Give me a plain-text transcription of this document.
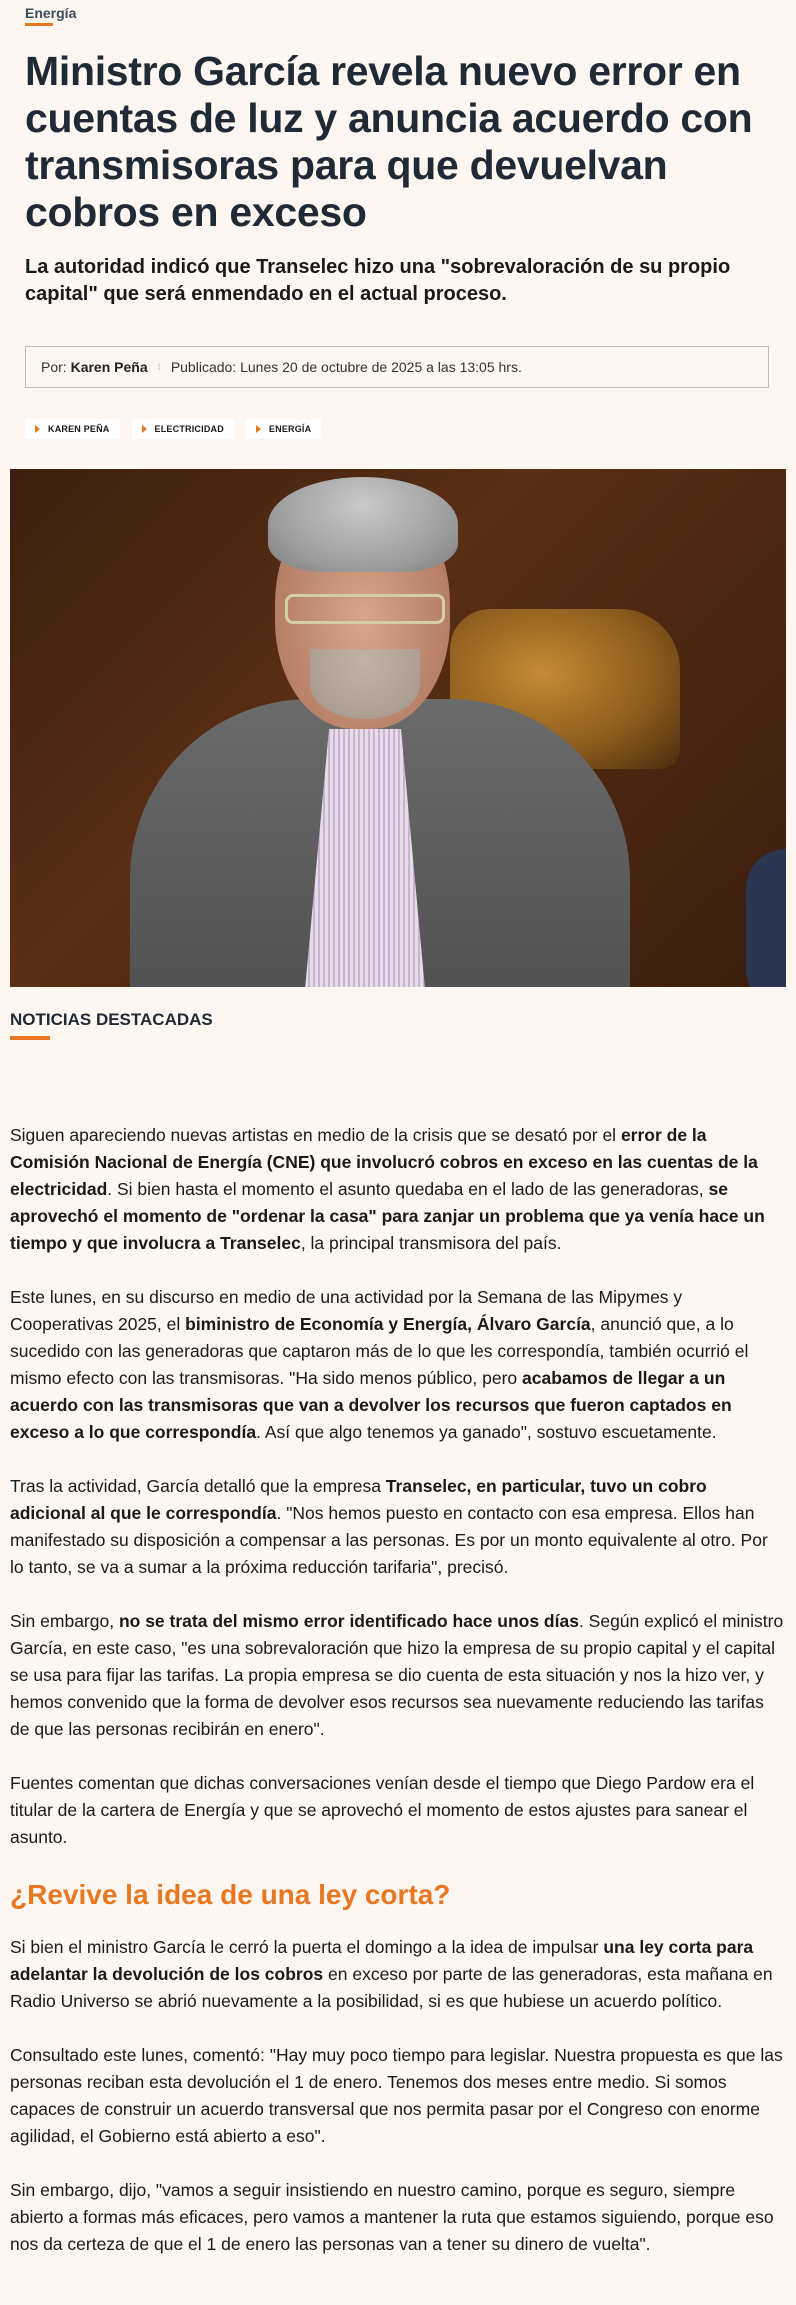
Energía
Ministro García revela nuevo error en cuentas de luz y anuncia acuerdo con transmisoras para que devuelvan cobros en exceso

La autoridad indicó que Transelec hizo una "sobrevaloración de su propio capital" que será enmendado en el actual proceso.

Por:
Karen Peña ⁝ Publicado: Lunes 20 de octubre de 2025 a las 13:05 hrs.
KAREN PEÑA	ELECTRICIDAD	ENERGÍA
NOTICIAS DESTACADAS

Siguen apareciendo nuevas artistas en medio de la crisis que se desató por el error de la Comisión Nacional de Energía (CNE) que involucró cobros en exceso en las cuentas de la electricidad. Si bien hasta el momento el asunto quedaba en el lado de las generadoras, se aprovechó el momento de "ordenar la casa" para zanjar un problema que ya venía hace un tiempo y que involucra a Transelec, la principal transmisora del país.

Este lunes, en su discurso en medio de una actividad por la Semana de las Mipymes y Cooperativas 2025, el biministro de Economía y Energía, Álvaro García, anunció que, a lo sucedido con las generadoras que captaron más de lo que les correspondía, también ocurrió el mismo efecto con las transmisoras. "Ha sido menos público, pero acabamos de llegar a un acuerdo con las transmisoras que van a devolver los recursos que fueron captados en exceso a lo que correspondía. Así que algo tenemos ya ganado", sostuvo escuetamente.

Tras la actividad, García detalló que la empresa Transelec, en particular, tuvo un cobro adicional al que le correspondía. "Nos hemos puesto en contacto con esa empresa. Ellos han manifestado su disposición a compensar a las personas. Es por un monto equivalente al otro. Por lo tanto, se va a sumar a la próxima reducción tarifaria", precisó.

Sin embargo, no se trata del mismo error identificado hace unos días. Según explicó el ministro García, en este caso, "es una sobrevaloración que hizo la empresa de su propio capital y el capital se usa para fijar las tarifas. La propia empresa se dio cuenta de esta situación y nos la hizo ver, y hemos convenido que la forma de devolver esos recursos sea nuevamente reduciendo las tarifas de que las personas recibirán en enero".

Fuentes comentan que dichas conversaciones venían desde el tiempo que Diego Pardow era el titular de la cartera de Energía y que se aprovechó el momento de estos ajustes para sanear el asunto.

¿Revive la idea de una ley corta?

Si bien el ministro García le cerró la puerta el domingo a la idea de impulsar una ley corta para adelantar la devolución de los cobros en exceso por parte de las generadoras, esta mañana en Radio Universo se abrió nuevamente a la posibilidad, si es que hubiese un acuerdo político.

Consultado este lunes, comentó: "Hay muy poco tiempo para legislar. Nuestra propuesta es que las personas reciban esta devolución el 1 de enero. Tenemos dos meses entre medio. Si somos capaces de construir un acuerdo transversal que nos permita pasar por el Congreso con enorme agilidad, el Gobierno está abierto a eso".

Sin embargo, dijo, "vamos a seguir insistiendo en nuestro camino, porque es seguro, siempre abierto a formas más eficaces, pero vamos a mantener la ruta que estamos siguiendo, porque eso nos da certeza de que el 1 de enero las personas van a tener su dinero de vuelta".
